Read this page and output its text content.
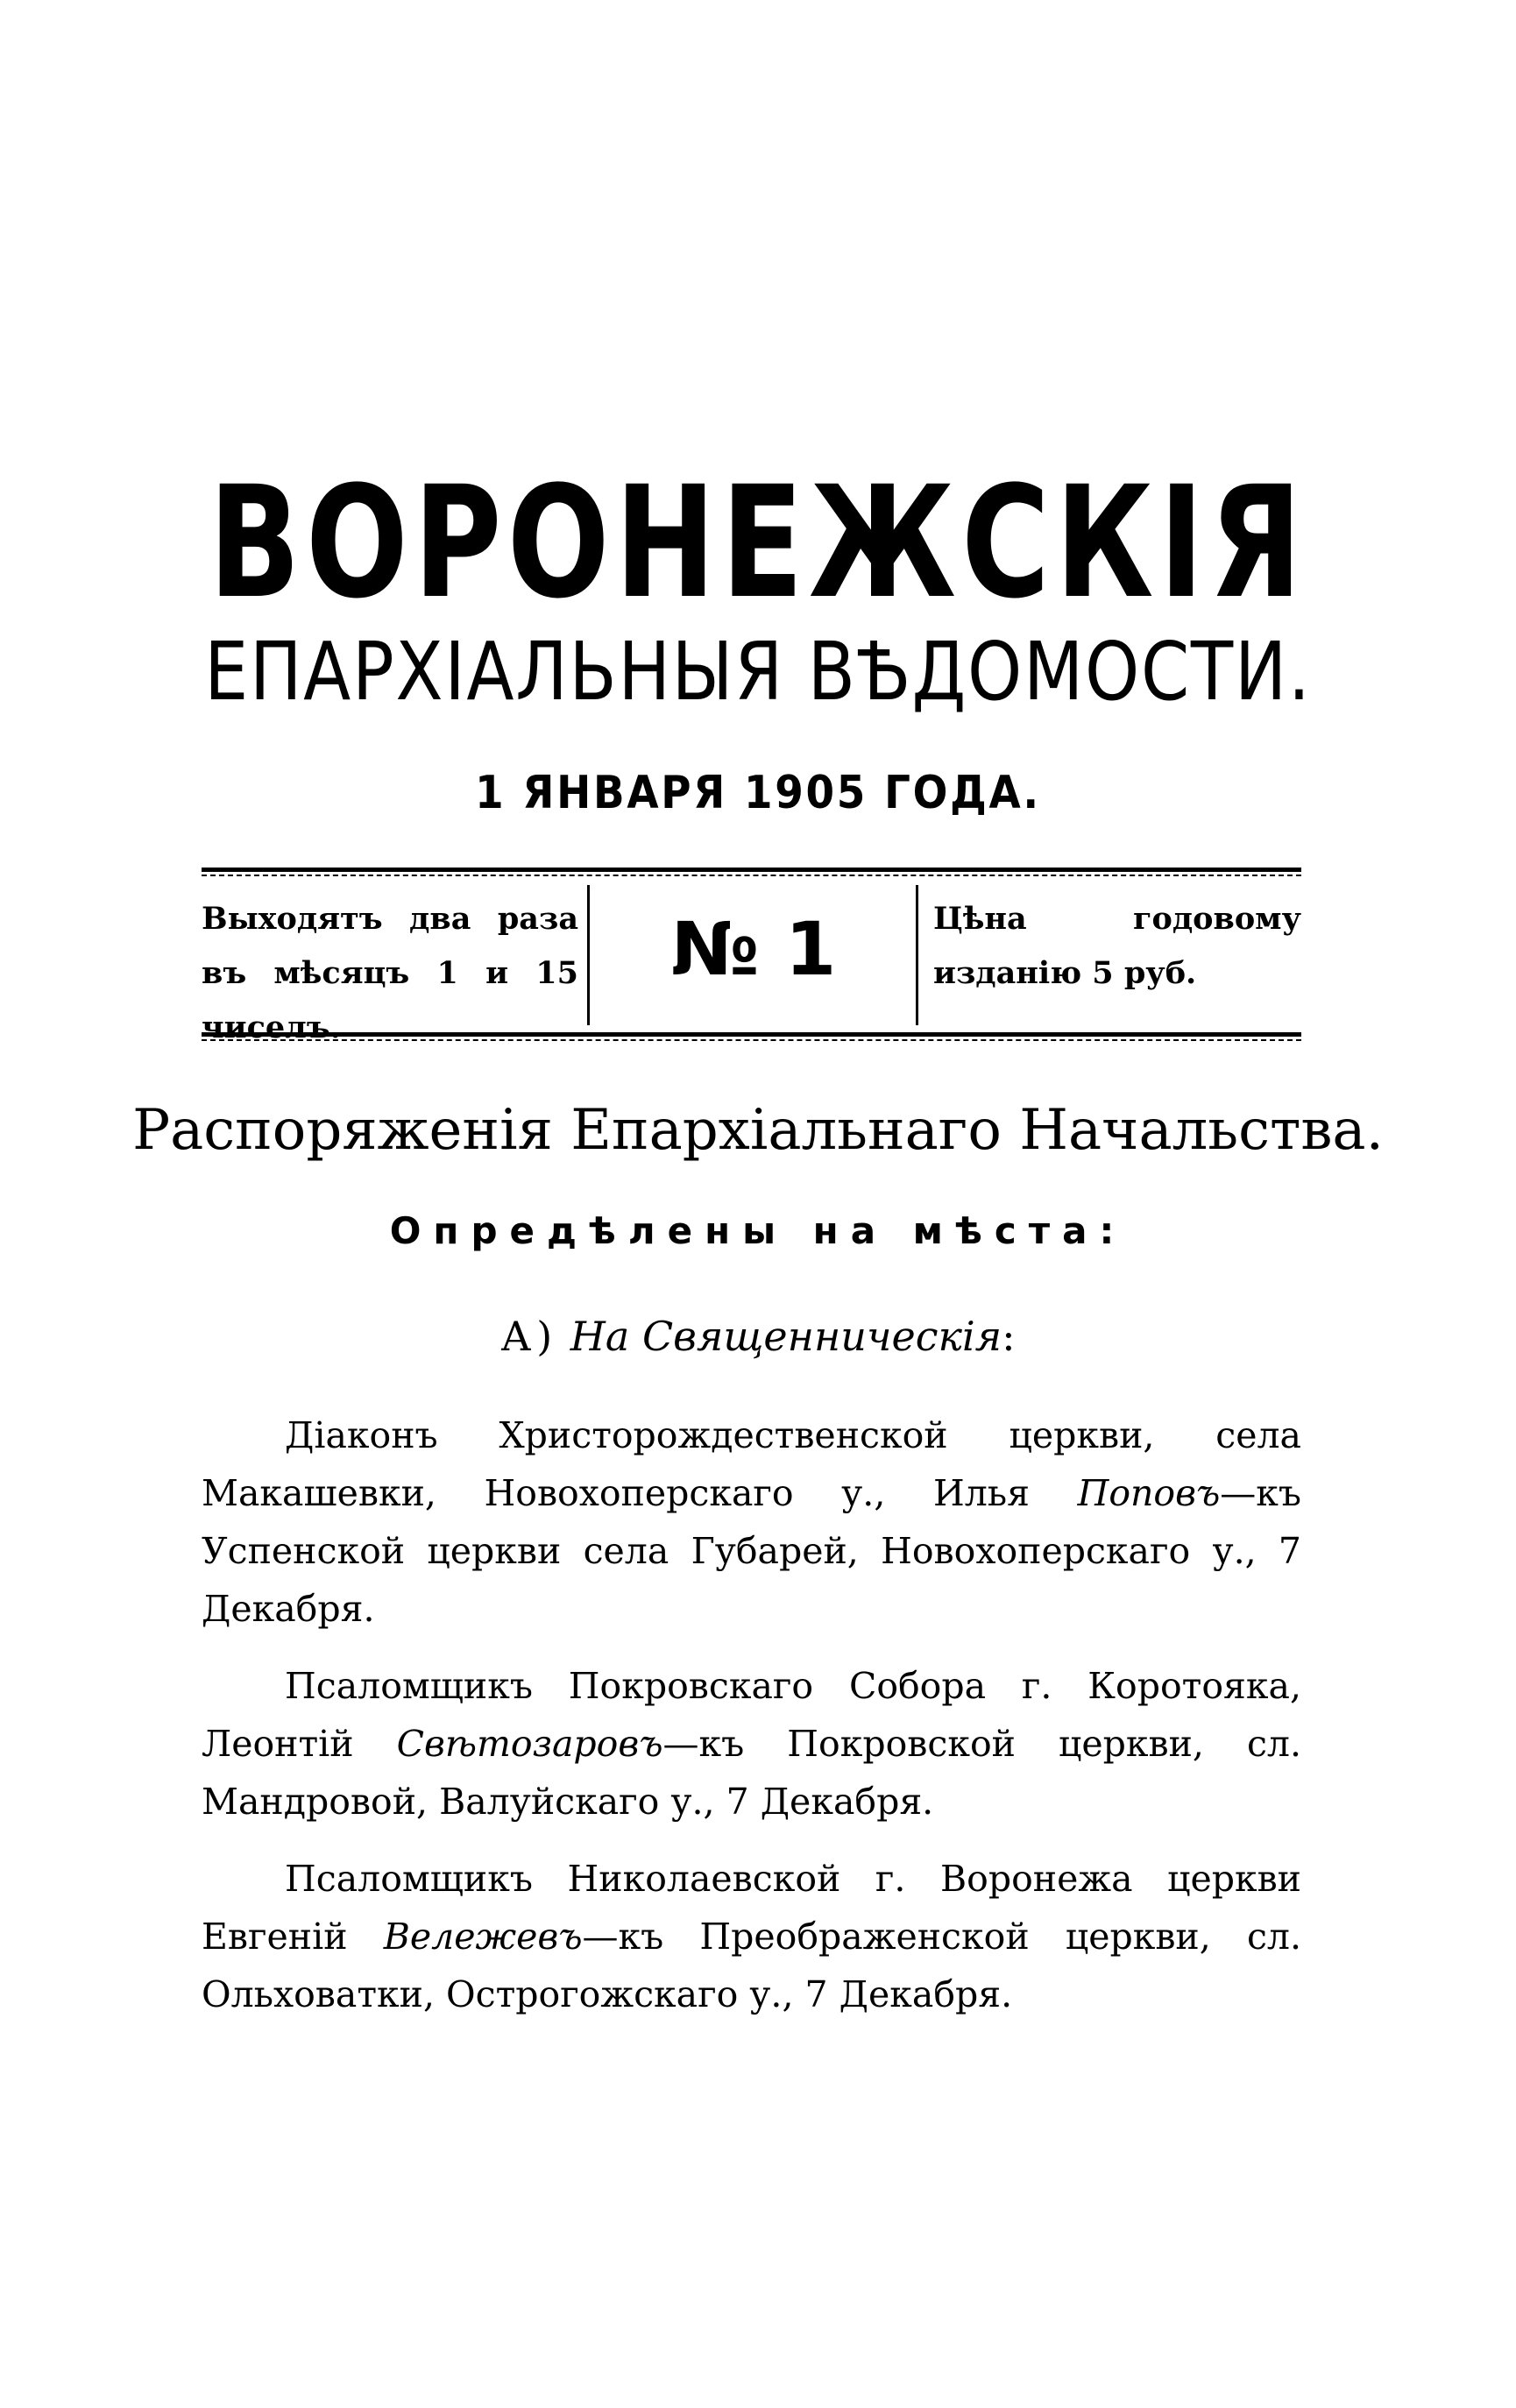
ВОРОНЕЖСКІЯ
ЕПАРХІАЛЬНЫЯ ВѢДОМОСТИ.
1 ЯНВАРЯ 1905 ГОДА.
Выходятъ два раза въ мѣсяцъ 1 и 15 чиселъ.
№ 1	Цѣна годовому изданію 5 руб.
Распоряженія Епархіальнаго Начальства.
Опредѣлены на мѣста:
А) На Священническія:

Діаконъ Христорождественской церкви, села Макашевки, Новохоперскаго у., Илья Поповъ—къ Успенской церкви села Губарей, Новохоперскаго у., 7 Декабря.

Псаломщикъ Покровскаго Собора г. Коротояка, Леонтій Свѣтозаровъ—къ Покровской церкви, сл. Мандровой, Валуйскаго у., 7 Декабря.

Псаломщикъ Николаевской г. Воронежа церкви Евгеній Вележевъ—къ Преображенской церкви, сл. Ольховатки, Острогожскаго у., 7 Декабря.
